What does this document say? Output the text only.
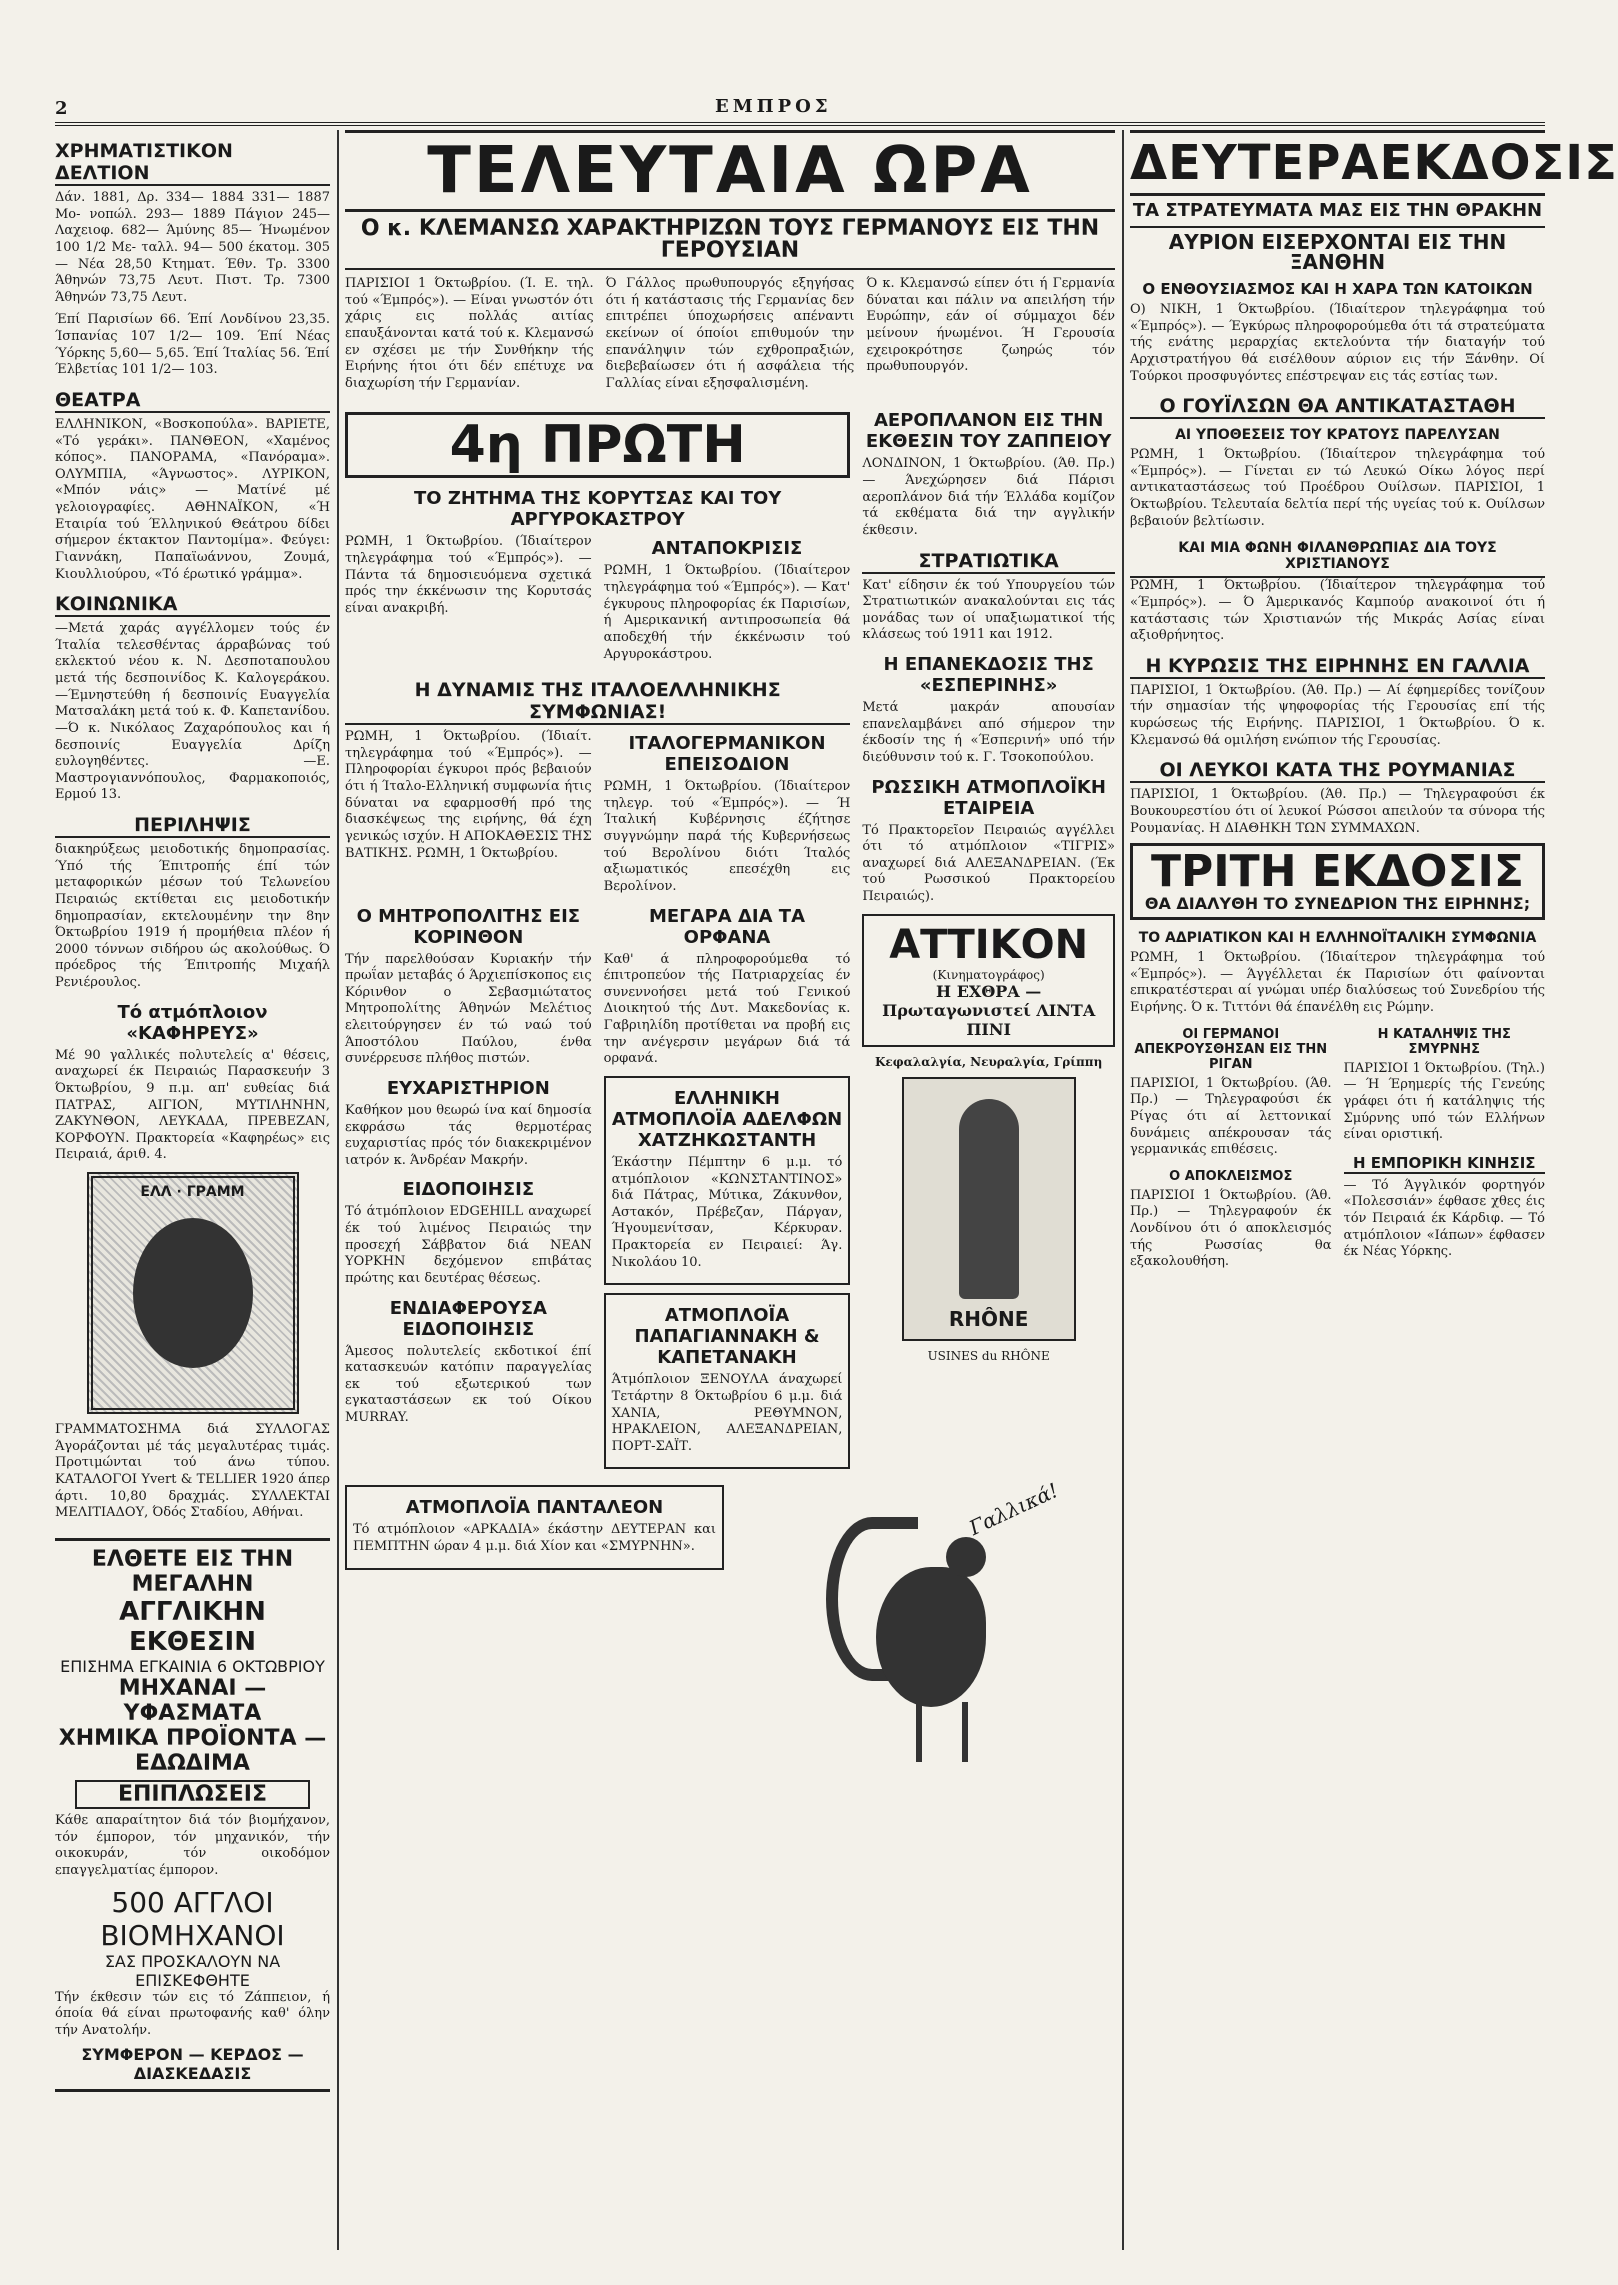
2	ΕΜΠΡΟΣ
ΧΡΗΜΑΤΙΣΤΙΚΟΝ ΔΕΛΤΙΟΝ

Δάν. 1881, Δρ. 334— 1884 331— 1887 Μο- νοπώλ. 293— 1889 Πάγιον 245— Λαχειοφ. 682— Άμύνης 85— Ήνωμένον 100 1/2 Με- ταλλ. 94— 500 έκατομ. 305— Νέα 28,50 Κτηματ. Έθν. Τρ. 3300 Άθηνών 73,75 Λευτ. Πιστ. Τρ. 7300 Άθηνών 73,75 Λευτ.

Έπί Παρισίων 66. Έπί Λονδίνου 23,35. Ίσπανίας 107 1/2— 109. Έπί Νέας Ύόρκης 5,60— 5,65. Έπί Ίταλίας 56. Έπί Έλβετίας 101 1/2— 103.

ΘΕΑΤΡΑ

ΕΛΛΗΝΙΚΟΝ, «Βοσκοπούλα». ΒΑΡΙΕΤΕ, «Τό γεράκι». ΠΑΝΘΕΟΝ, «Χαμένος κόπος». ΠΑΝΟΡΑΜΑ, «Πανόραμα». ΟΛΥΜΠΙΑ, «Άγνωστος». ΛΥΡΙΚΟΝ, «Μπόν νάις» — Ματίνέ μέ γελοιογραφίες. ΑΘΗΝΑΪΚΟΝ, «Ή Εταιρία τού Έλληνικού Θεάτρου δίδει σήμερον έκτακτον Παντομίμα». Φεύγει: Γιαννάκη, Παπαϊωάννου, Ζουμά, Κιουλλιούρου, «Τό έρωτικό γράμμα».

ΚΟΙΝΩΝΙΚΑ

—Μετά χαράς αγγέλλομεν τούς έν Ίταλία τελεσθέντας άρραβώνας τού εκλεκτού νέου κ. Ν. Δεσποταπουλου μετά τής δεσποινίδος Κ. Καλογεράκου. —Έμνηστεύθη ή δεσποινίς Ευαγγελία Ματσαλάκη μετά τού κ. Φ. Καπετανίδου. —Ό κ. Νικόλαος Ζαχαρόπουλος και ή δεσποινίς Ευαγγελία Δρίζη ευλογηθέντες. —Ε. Μαστρογιαννόπουλος, Φαρμακοποιός, Ερμού 13.

ΠΕΡΙΛΗΨΙΣ

διακηρύξεως μειοδοτικής δημοπρασίας. Ύπό τής Έπιτροπής έπί τών μεταφορικών μέσων τού Τελωνείου Πειραιώς εκτίθεται εις μειοδοτικήν δημοπρασίαν, εκτελουμένην την 8ην Όκτωβρίου 1919 ή προμήθεια πλέον ή 2000 τόννων σιδήρου ώς ακολούθως. Ό πρόεδρος τής Έπιτροπής Μιχαήλ Ρενιέρουλος.

Τό ατμόπλοιον «ΚΑΦΗΡΕΥΣ»

Μέ 90 γαλλικές πολυτελείς α' θέσεις, αναχωρεί έκ Πειραιώς Παρασκευήν 3 Όκτωβρίου, 9 π.μ. απ' ευθείας διά ΠΑΤΡΑΣ, ΑΙΓΙΟΝ, ΜΥΤΙΛΗΝΗΝ, ΖΑΚΥΝΘΟΝ, ΛΕΥΚΑΔΑ, ΠΡΕΒΕΖΑΝ, ΚΟΡΦΟΥΝ. Πρακτορεία «Καφηρέως» εις Πειραιά, άριθ. 4.

ΕΛΛ · ΓΡΑΜΜ

ΓΡΑΜΜΑΤΟΣΗΜΑ διά ΣΥΛΛΟΓΑΣ Άγοράζονται μέ τάς μεγαλυτέρας τιμάς. Προτιμώνται τού άνω τύπου. ΚΑΤΑΛΟΓΟΙ Yvert & TELLIER 1920 άπερ άρτι. 10,80 δραχμάς. ΣΥΛΛΕΚΤΑΙ ΜΕΛΙΤΙΑΔΟΥ, Όδός Σταδίου, Αθήναι.

ΕΛΘΕΤΕ ΕΙΣ ΤΗΝ ΜΕΓΑΛΗΝ
ΑΓΓΛΙΚΗΝ ΕΚΘΕΣΙΝ
ΕΠΙΣΗΜΑ ΕΓΚΑΙΝΙΑ 6 ΟΚΤΩΒΡΙΟΥ
ΜΗΧΑΝΑΙ — ΥΦΑΣΜΑΤΑ
ΧΗΜΙΚΑ ΠΡΟΪΟΝΤΑ — ΕΔΩΔΙΜΑ
ΕΠΙΠΛΩΣΕΙΣ

Κάθε απαραίτητον διά τόν βιομήχανον, τόν έμπορον, τόν μηχανικόν, τήν οικοκυράν, τόν οικοδόμον επαγγελματίας έμπορον.

500 ΑΓΓΛΟΙ ΒΙΟΜΗΧΑΝΟΙ
ΣΑΣ ΠΡΟΣΚΑΛΟΥΝ ΝΑ ΕΠΙΣΚΕΦΘΗΤΕ

Τήν έκθεσιν τών εις τό Ζάππειον, ή όποία θά είναι πρωτοφανής καθ' όλην τήν Ανατολήν.

ΣΥΜΦΕΡΟΝ — ΚΕΡΔΟΣ — ΔΙΑΣΚΕΔΑΣΙΣ
ΤΕΛΕΥΤΑΙΑ ΩΡΑ
Ο κ. ΚΛΕΜΑΝΣΩ ΧΑΡΑΚΤΗΡΙΖΩΝ ΤΟΥΣ ΓΕΡΜΑΝΟΥΣ ΕΙΣ ΤΗΝ ΓΕΡΟΥΣΙΑΝ

ΠΑΡΙΣΙΟΙ 1 Όκτωβρίου. (Ί. Ε. τηλ. τού «Έμπρός»). — Είναι γνωστόν ότι χάρις εις πολλάς αιτίας επαυξάνονται κατά τού κ. Κλεμανσώ εν σχέσει με τήν Συνθήκην τής Ειρήνης ήτοι ότι δέν επέτυχε να διαχωρίση τήν Γερμανίαν.

Ό Γάλλος πρωθυπουργός εξηγήσας ότι ή κατάστασις τής Γερμανίας δεν επιτρέπει ύποχωρήσεις απέναντι εκείνων οί όποίοι επιθυμούν την επανάληψιν τών εχθροπραξιών, διεβεβαίωσεν ότι ή ασφάλεια τής Γαλλίας είναι εξησφαλισμένη.

Ό κ. Κλεμανσώ είπεν ότι ή Γερμανία δύναται και πάλιν να απειλήση τήν Ευρώπην, εάν οί σύμμαχοι δέν μείνουν ήνωμένοι. Ή Γερουσία εχειροκρότησε ζωηρώς τόν πρωθυπουργόν.

4η ΠΡΩΤΗ
ΤΟ ΖΗΤΗΜΑ ΤΗΣ ΚΟΡΥΤΣΑΣ ΚΑΙ ΤΟΥ ΑΡΓΥΡΟΚΑΣΤΡΟΥ

ΡΩΜΗ, 1 Όκτωβρίου. (Ίδιαίτερον τηλεγράφημα τού «Έμπρός»). — Πάντα τά δημοσιευόμενα σχετικά πρός την έκκένωσιν της Κορυτσάς είναι ανακριβή.

ΑΝΤΑΠΟΚΡΙΣΙΣ

ΡΩΜΗ, 1 Όκτωβρίου. (Ίδιαίτερον τηλεγράφημα τού «Έμπρός»). — Κατ' έγκυρους πληροφορίας έκ Παρισίων, ή Αμερικανική αντιπροσωπεία θά αποδεχθή τήν έκκένωσιν τού Αργυροκάστρου.

Η ΔΥΝΑΜΙΣ ΤΗΣ ΙΤΑΛΟΕΛΛΗΝΙΚΗΣ ΣΥΜΦΩΝΙΑΣ!

ΡΩΜΗ, 1 Όκτωβρίου. (Ίδιαίτ. τηλεγράφημα τού «Έμπρός»). — Πληροφορίαι έγκυροι πρός βεβαιούν ότι ή Ίταλο-Ελληνική συμφωνία ήτις δύναται να εφαρμοσθή πρό της διασκέψεως της ειρήνης, θά έχη γενικώς ισχύν. Η ΑΠΟΚΑΘΕΣΙΣ ΤΗΣ ΒΑΤΙΚΗΣ. ΡΩΜΗ, 1 Όκτωβρίου.

ΙΤΑΛΟΓΕΡΜΑΝΙΚΟΝ ΕΠΕΙΣΟΔΙΟΝ

ΡΩΜΗ, 1 Όκτωβρίου. (Ίδιαίτερον τηλεγρ. τού «Έμπρός»). — Ή Ίταλική Κυβέρνησις έζήτησε συγγνώμην παρά τής Κυβερνήσεως τού Βερολίνου διότι Ίταλός αξιωματικός επεσέχθη εις Βερολίνον.

Ο ΜΗΤΡΟΠΟΛΙΤΗΣ ΕΙΣ ΚΟΡΙΝΘΟΝ

Τήν παρελθούσαν Κυριακήν τήν πρωΐαν μεταβάς ό Άρχιεπίσκοπος εις Κόρινθον ο Σεβασμιώτατος Μητροπολίτης Άθηνών Μελέτιος ελειτούργησεν έν τώ ναώ τού Άποστόλου Παύλου, ένθα συνέρρευσε πλήθος πιστών.

ΕΥΧΑΡΙΣΤΗΡΙΟΝ

Καθήκον μου θεωρώ ίνα καί δημοσία εκφράσω τάς θερμοτέρας ευχαριστίας πρός τόν διακεκριμένον ιατρόν κ. Άνδρέαν Μακρήν.

ΕΙΔΟΠΟΙΗΣΙΣ

Τό άτμόπλοιον EDGEHILL αναχωρεί έκ τού λιμένος Πειραιώς την προσεχή Σάββατον διά ΝΕΑΝ ΥΟΡΚΗΝ δεχόμενον επιβάτας πρώτης και δευτέρας θέσεως.

ΕΝΔΙΑΦΕΡΟΥΣΑ ΕΙΔΟΠΟΙΗΣΙΣ

Άμεσος πολυτελείς εκδοτικοί έπί κατασκευών κατόπιν παραγγελίας εκ τού εξωτερικού των εγκαταστάσεων εκ τού Οίκου MURRAY.

ΜΕΓΑΡΑ ΔΙΑ ΤΑ ΟΡΦΑΝΑ

Καθ' ά πληροφορούμεθα τό έπιτροπεύον τής Πατριαρχείας έν συνεννοήσει μετά τού Γενικού Διοικητού τής Δυτ. Μακεδονίας κ. Γαβριηλίδη προτίθεται να προβή εις την ανέγερσιν μεγάρων διά τά ορφανά.

ΕΛΛΗΝΙΚΗ ΑΤΜΟΠΛΟΪΑ ΑΔΕΛΦΩΝ ΧΑΤΖΗΚΩΣΤΑΝΤΗ

Έκάστην Πέμπτην 6 μ.μ. τό ατμόπλοιον «ΚΩΝΣΤΑΝΤΙΝΟΣ» διά Πάτρας, Μύτικα, Ζάκυνθον, Αστακόν, Πρέβεζαν, Πάργαν, Ήγουμενίτσαν, Κέρκυραν. Πρακτορεία εν Πειραιεί: Άγ. Νικολάου 10.

ΑΤΜΟΠΛΟΪΑ ΠΑΠΑΓΙΑΝΝΑΚΗ & ΚΑΠΕΤΑΝΑΚΗ

Άτμόπλοιον ΞΕΝΟΥΛΑ άναχωρεί Τετάρτην 8 Όκτωβρίου 6 μ.μ. διά ΧΑΝΙΑ, ΡΕΘΥΜΝΟΝ, ΗΡΑΚΛΕΙΟΝ, ΑΛΕΞΑΝΔΡΕΙΑΝ, ΠΟΡΤ-ΣΑΪΤ.

ΑΕΡΟΠΛΑΝΟΝ ΕΙΣ ΤΗΝ ΕΚΘΕΣΙΝ ΤΟΥ ΖΑΠΠΕΙΟΥ

ΛΟΝΔΙΝΟΝ, 1 Όκτωβρίου. (Άθ. Πρ.) — Άνεχώρησεν διά Πάρισι αεροπλάνον διά τήν Έλλάδα κομίζον τά εκθέματα διά την αγγλικήν έκθεσιν.

ΣΤΡΑΤΙΩΤΙΚΑ

Κατ' είδησιν έκ τού Υπουργείου τών Στρατιωτικών ανακαλούνται εις τάς μονάδας των οί υπαξιωματικοί τής κλάσεως τού 1911 και 1912.

Η ΕΠΑΝΕΚΔΟΣΙΣ ΤΗΣ «ΕΣΠΕΡΙΝΗΣ»

Μετά μακράν απουσίαν επανελαμβάνει από σήμερον την έκδοσίν της ή «Έσπερινή» υπό τήν διεύθυνσιν τού κ. Γ. Τσοκοπούλου.

ΡΩΣΣΙΚΗ ΑΤΜΟΠΛΟΪΚΗ ΕΤΑΙΡΕΙΑ

Τό Πρακτορεῖον Πειραιώς αγγέλλει ότι τό ατμόπλοιον «ΤΙΓΡΙΣ» αναχωρεί διά ΑΛΕΞΑΝΔΡΕΙΑΝ. (Έκ τού Ρωσσικού Πρακτορείου Πειραιώς).

ΑΤΤΙΚΟΝ
(Κινηματογράφος)
Η ΕΧΘΡΑ — Πρωταγωνιστεί ΛΙΝΤΑ ΠΙΝΙ
Κεφαλαλγία, Νευραλγία, Γρίππη
RHÔNE
USINES du RHÔNE
ΑΤΜΟΠΛΟΪΑ ΠΑΝΤΑΛΕΟΝ

Τό ατμόπλοιον «ΑΡΚΑΔΙΑ» έκάστην ΔΕΥΤΕΡΑΝ και ΠΕΜΠΤΗΝ ώραν 4 μ.μ. διά Χίον και «ΣΜΥΡΝΗΝ».

Γαλλικά!
ΔΕΥΤΕΡΑΕΚΔΟΣΙΣ
ΤΑ ΣΤΡΑΤΕΥΜΑΤΑ ΜΑΣ ΕΙΣ ΤΗΝ ΘΡΑΚΗΝ
ΑΥΡΙΟΝ ΕΙΣΕΡΧΟΝΤΑΙ ΕΙΣ ΤΗΝ ΞΑΝΘΗΝ
Ο ΕΝΘΟΥΣΙΑΣΜΟΣ ΚΑΙ Η ΧΑΡΑ ΤΩΝ ΚΑΤΟΙΚΩΝ

Ο) ΝΙΚΗ, 1 Όκτωβρίου. (Ίδιαίτερον τηλεγράφημα τού «Έμπρός»). — Έγκύρως πληροφορούμεθα ότι τά στρατεύματα τής ενάτης μεραρχίας εκτελούντα τήν διαταγήν τού Αρχιστρατήγου θά εισέλθουν αύριον εις τήν Ξάνθην. Οί Τούρκοι προσφυγόντες επέστρεψαν εις τάς εστίας των.

Ο ΓΟΥΪΛΣΩΝ ΘΑ ΑΝΤΙΚΑΤΑΣΤΑΘΗ
ΑΙ ΥΠΟΘΕΣΕΙΣ ΤΟΥ ΚΡΑΤΟΥΣ ΠΑΡΕΛΥΣΑΝ

ΡΩΜΗ, 1 Όκτωβρίου. (Ίδιαίτερον τηλεγράφημα τού «Έμπρός»). — Γίνεται εν τώ Λευκώ Οίκω λόγος περί αντικαταστάσεως τού Προέδρου Ουίλσων. ΠΑΡΙΣΙΟΙ, 1 Όκτωβρίου. Τελευταία δελτία περί τής υγείας τού κ. Ουίλσων βεβαιούν βελτίωσιν.

ΚΑΙ ΜΙΑ ΦΩΝΗ ΦΙΛΑΝΘΡΩΠΙΑΣ ΔΙΑ ΤΟΥΣ ΧΡΙΣΤΙΑΝΟΥΣ

ΡΩΜΗ, 1 Όκτωβρίου. (Ίδιαίτερον τηλεγράφημα τού «Έμπρός»). — Ό Άμερικανός Καμπούρ ανακοινοί ότι ή κατάστασις τών Χριστιανών τής Μικράς Ασίας είναι αξιοθρήνητος.

Η ΚΥΡΩΣΙΣ ΤΗΣ ΕΙΡΗΝΗΣ ΕΝ ΓΑΛΛΙΑ

ΠΑΡΙΣΙΟΙ, 1 Όκτωβρίου. (Άθ. Πρ.) — Αί έφημερίδες τονίζουν τήν σημασίαν τής ψηφοφορίας τής Γερουσίας επί τής κυρώσεως τής Ειρήνης. ΠΑΡΙΣΙΟΙ, 1 Όκτωβρίου. Ό κ. Κλεμανσώ θά ομιλήση ενώπιον τής Γερουσίας.

ΟΙ ΛΕΥΚΟΙ ΚΑΤΑ ΤΗΣ ΡΟΥΜΑΝΙΑΣ

ΠΑΡΙΣΙΟΙ, 1 Όκτωβρίου. (Άθ. Πρ.) — Τηλεγραφούσι έκ Βουκουρεστίου ότι οί λευκοί Ρώσσοι απειλούν τα σύνορα τής Ρουμανίας. Η ΔΙΑΘΗΚΗ ΤΩΝ ΣΥΜΜΑΧΩΝ.

ΤΡΙΤΗ ΕΚΔΟΣΙΣ
ΘΑ ΔΙΑΛΥΘΗ ΤΟ ΣΥΝΕΔΡΙΟΝ ΤΗΣ ΕΙΡΗΝΗΣ;
ΤΟ ΑΔΡΙΑΤΙΚΟΝ ΚΑΙ Η ΕΛΛΗΝΟΪΤΑΛΙΚΗ ΣΥΜΦΩΝΙΑ

ΡΩΜΗ, 1 Όκτωβρίου. (Ίδιαίτερον τηλεγράφημα τού «Έμπρός»). — Άγγέλλεται έκ Παρισίων ότι φαίνονται επικρατέστεραι αί γνώμαι υπέρ διαλύσεως τού Συνεδρίου τής Ειρήνης. Ό κ. Τιττόνι θά έπανέλθη εις Ρώμην.

ΟΙ ΓΕΡΜΑΝΟΙ ΑΠΕΚΡΟΥΣΘΗΣΑΝ ΕΙΣ ΤΗΝ ΡΙΓΑΝ

ΠΑΡΙΣΙΟΙ, 1 Όκτωβρίου. (Άθ. Πρ.) — Τηλεγραφούσι έκ Ρίγας ότι αί λεττονικαί δυνάμεις απέκρουσαν τάς γερμανικάς επιθέσεις.

Ο ΑΠΟΚΛΕΙΣΜΟΣ

ΠΑΡΙΣΙΟΙ 1 Όκτωβρίου. (Άθ. Πρ.) — Τηλεγραφούν έκ Λονδίνου ότι ό αποκλεισμός τής Ρωσσίας θα εξακολουθήση.

Η ΚΑΤΑΛΗΨΙΣ ΤΗΣ ΣΜΥΡΝΗΣ

ΠΑΡΙΣΙΟΙ 1 Όκτωβρίου. (Τηλ.) — Ή Έρημερίς τής Γενεύης γράφει ότι ή κατάληψις τής Σμύρνης υπό τών Ελλήνων είναι οριστική.

Η ΕΜΠΟΡΙΚΗ ΚΙΝΗΣΙΣ

— Τό Άγγλικόν φορτηγόν «Πολεσσιάν» έφθασε χθες έις τόν Πειραιά έκ Κάρδιφ. — Τό ατμόπλοιον «Ιάπων» έφθασεν έκ Νέας Υόρκης.
